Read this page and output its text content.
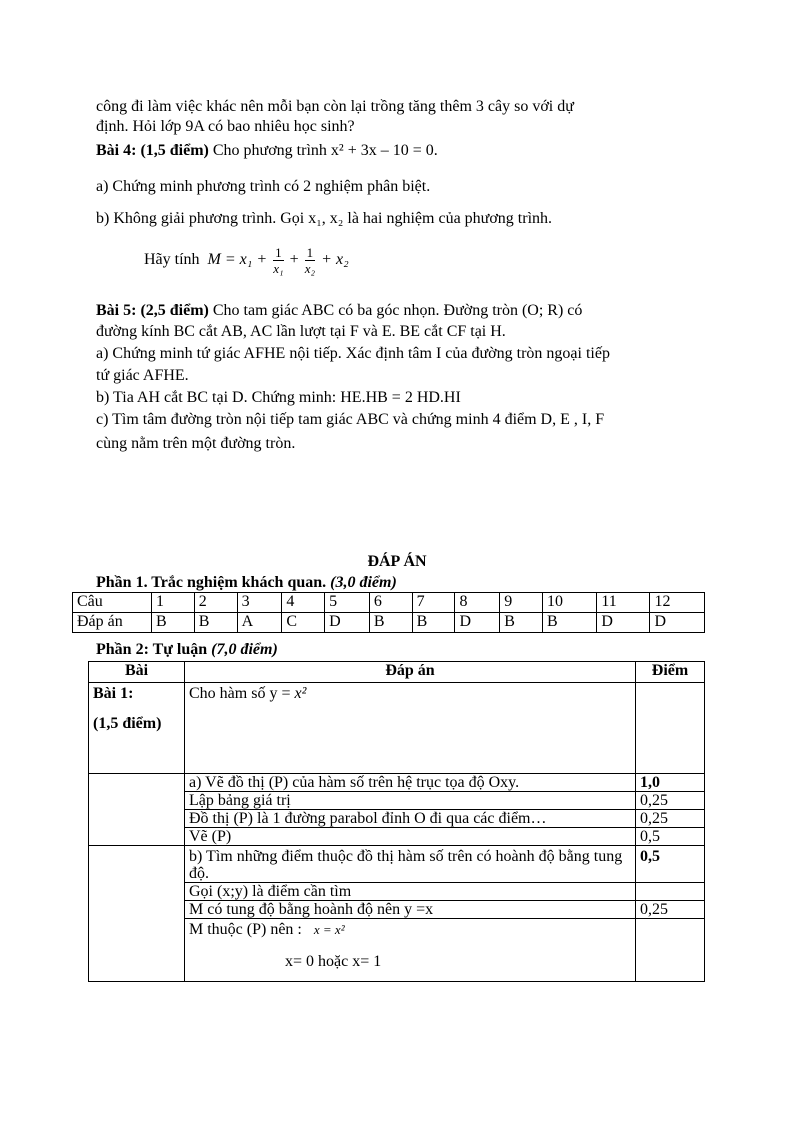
công đi làm việc khác nên mỗi bạn còn lại trồng tăng thêm 3 cây so với dự

định. Hỏi lớp 9A có bao nhiêu học sinh?

Bài 4: (1,5 điểm) Cho phương trình x² + 3x – 10 = 0.

a) Chứng minh phương trình có 2 nghiệm phân biệt.

b) Không giải phương trình. Gọi x₁, x₂ là hai nghiệm của phương trình.

Hãy tính $M = x_1 + \frac{1}{\text{x₁}} + \frac{1}{\text{x₂}} + x_2$

Bài 5: (2,5 điểm) Cho tam giác ABC có ba góc nhọn. Đường tròn (O; R) có

đường kính BC cắt AB, AC lần lượt tại F và E. BE cắt CF tại H.

a) Chứng minh tứ giác AFHE nội tiếp. Xác định tâm I của đường tròn ngoại tiếp

tứ giác AFHE.

b) Tia AH cắt BC tại D. Chứng minh: HE.HB = 2 HD.HI

c) Tìm tâm đường tròn nội tiếp tam giác ABC và chứng minh 4 điểm D, E , I, F

cùng nằm trên một đường tròn.

ĐÁP ÁN

Phần 1. Trắc nghiệm khách quan. (3,0 điểm)

Câu	1	2	3	4	5	6	7	8	9	10	11	12
Đáp án	B	B	A	C	D	B	B	D	B	B	D	D

Phần 2: Tự luận (7,0 điểm)

Bài	Đáp án	Điểm

Bài 1:
(1,5 điểm)	Cho hàm số y = x²	
	a) Vẽ đồ thị (P) của hàm số trên hệ trục tọa độ Oxy.	1,0
	Lập bảng giá trị	0,25
	Đồ thị (P) là 1 đường parabol đỉnh O đi qua các điểm…	0,25
	Vẽ (P)	0,5
	b) Tìm những điểm thuộc đồ thị hàm số trên có hoành độ bằng tung độ.	0,5
	Gọi (x;y) là điểm cần tìm	
	M có tung độ bằng hoành độ nên y =x	0,25

	M thuộc (P) nên : x = x²
x= 0 hoặc x= 1	
